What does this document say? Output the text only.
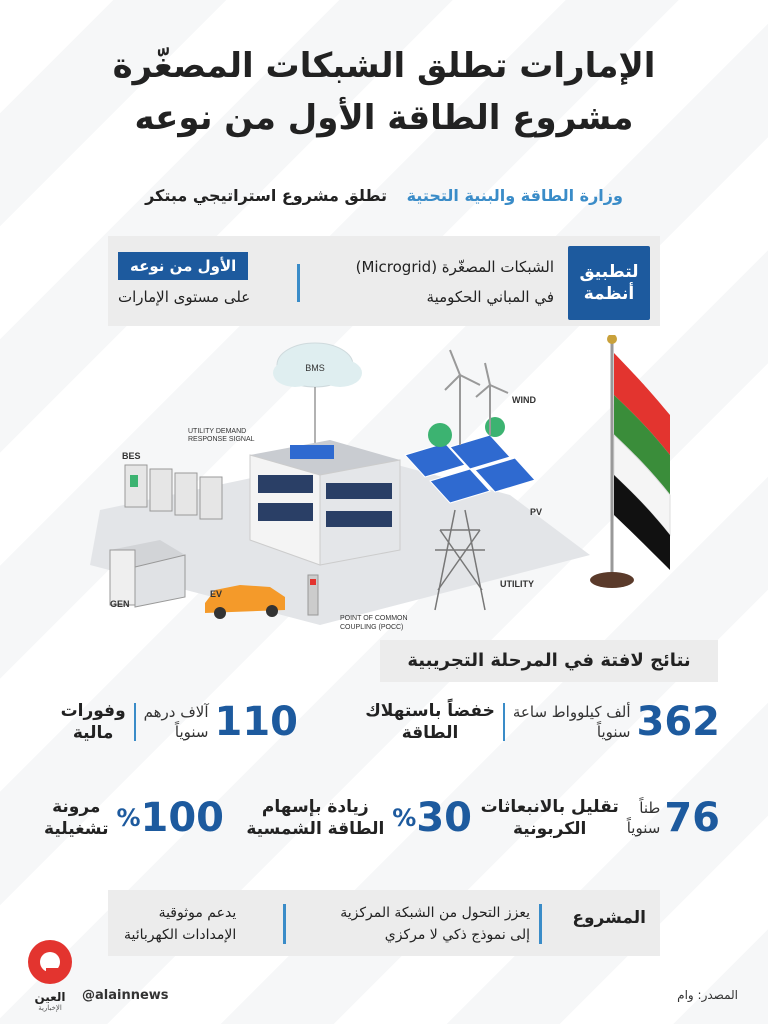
الإمارات تطلق الشبكات المصغّرة
مشروع الطاقة الأول من نوعه
وزارة الطاقة والبنية التحتية تطلق مشروع استراتيجي مبتكر
لتطبيق أنظمة
الشبكات المصغّرة (Microgrid)
في المباني الحكومية
الأول من نوعه
على مستوى الإمارات
BMS
UTILITY DEMAND
RESPONSE SIGNAL
BES
GEN
EV
PV
WIND
UTILITY
POINT OF COMMON
COUPLING (POCC)
نتائج لافتة في المرحلة التجريبية
362
ألف كيلوواط ساعة
سنوياً
خفضاً باستهلاك
الطاقة
110
آلاف درهم
سنوياً
وفورات
مالية
76
طناً
سنوياً
تقليل بالانبعاثات
الكربونية
30
%
زيادة بإسهام
الطاقة الشمسية
100
%
مرونة
تشغيلية
المشروع
يعزز التحول من الشبكة المركزية
إلى نموذج ذكي لا مركزي
يدعم موثوقية
الإمدادات الكهربائية
المصدر: وام
@alainnews
العين
الإخبارية
